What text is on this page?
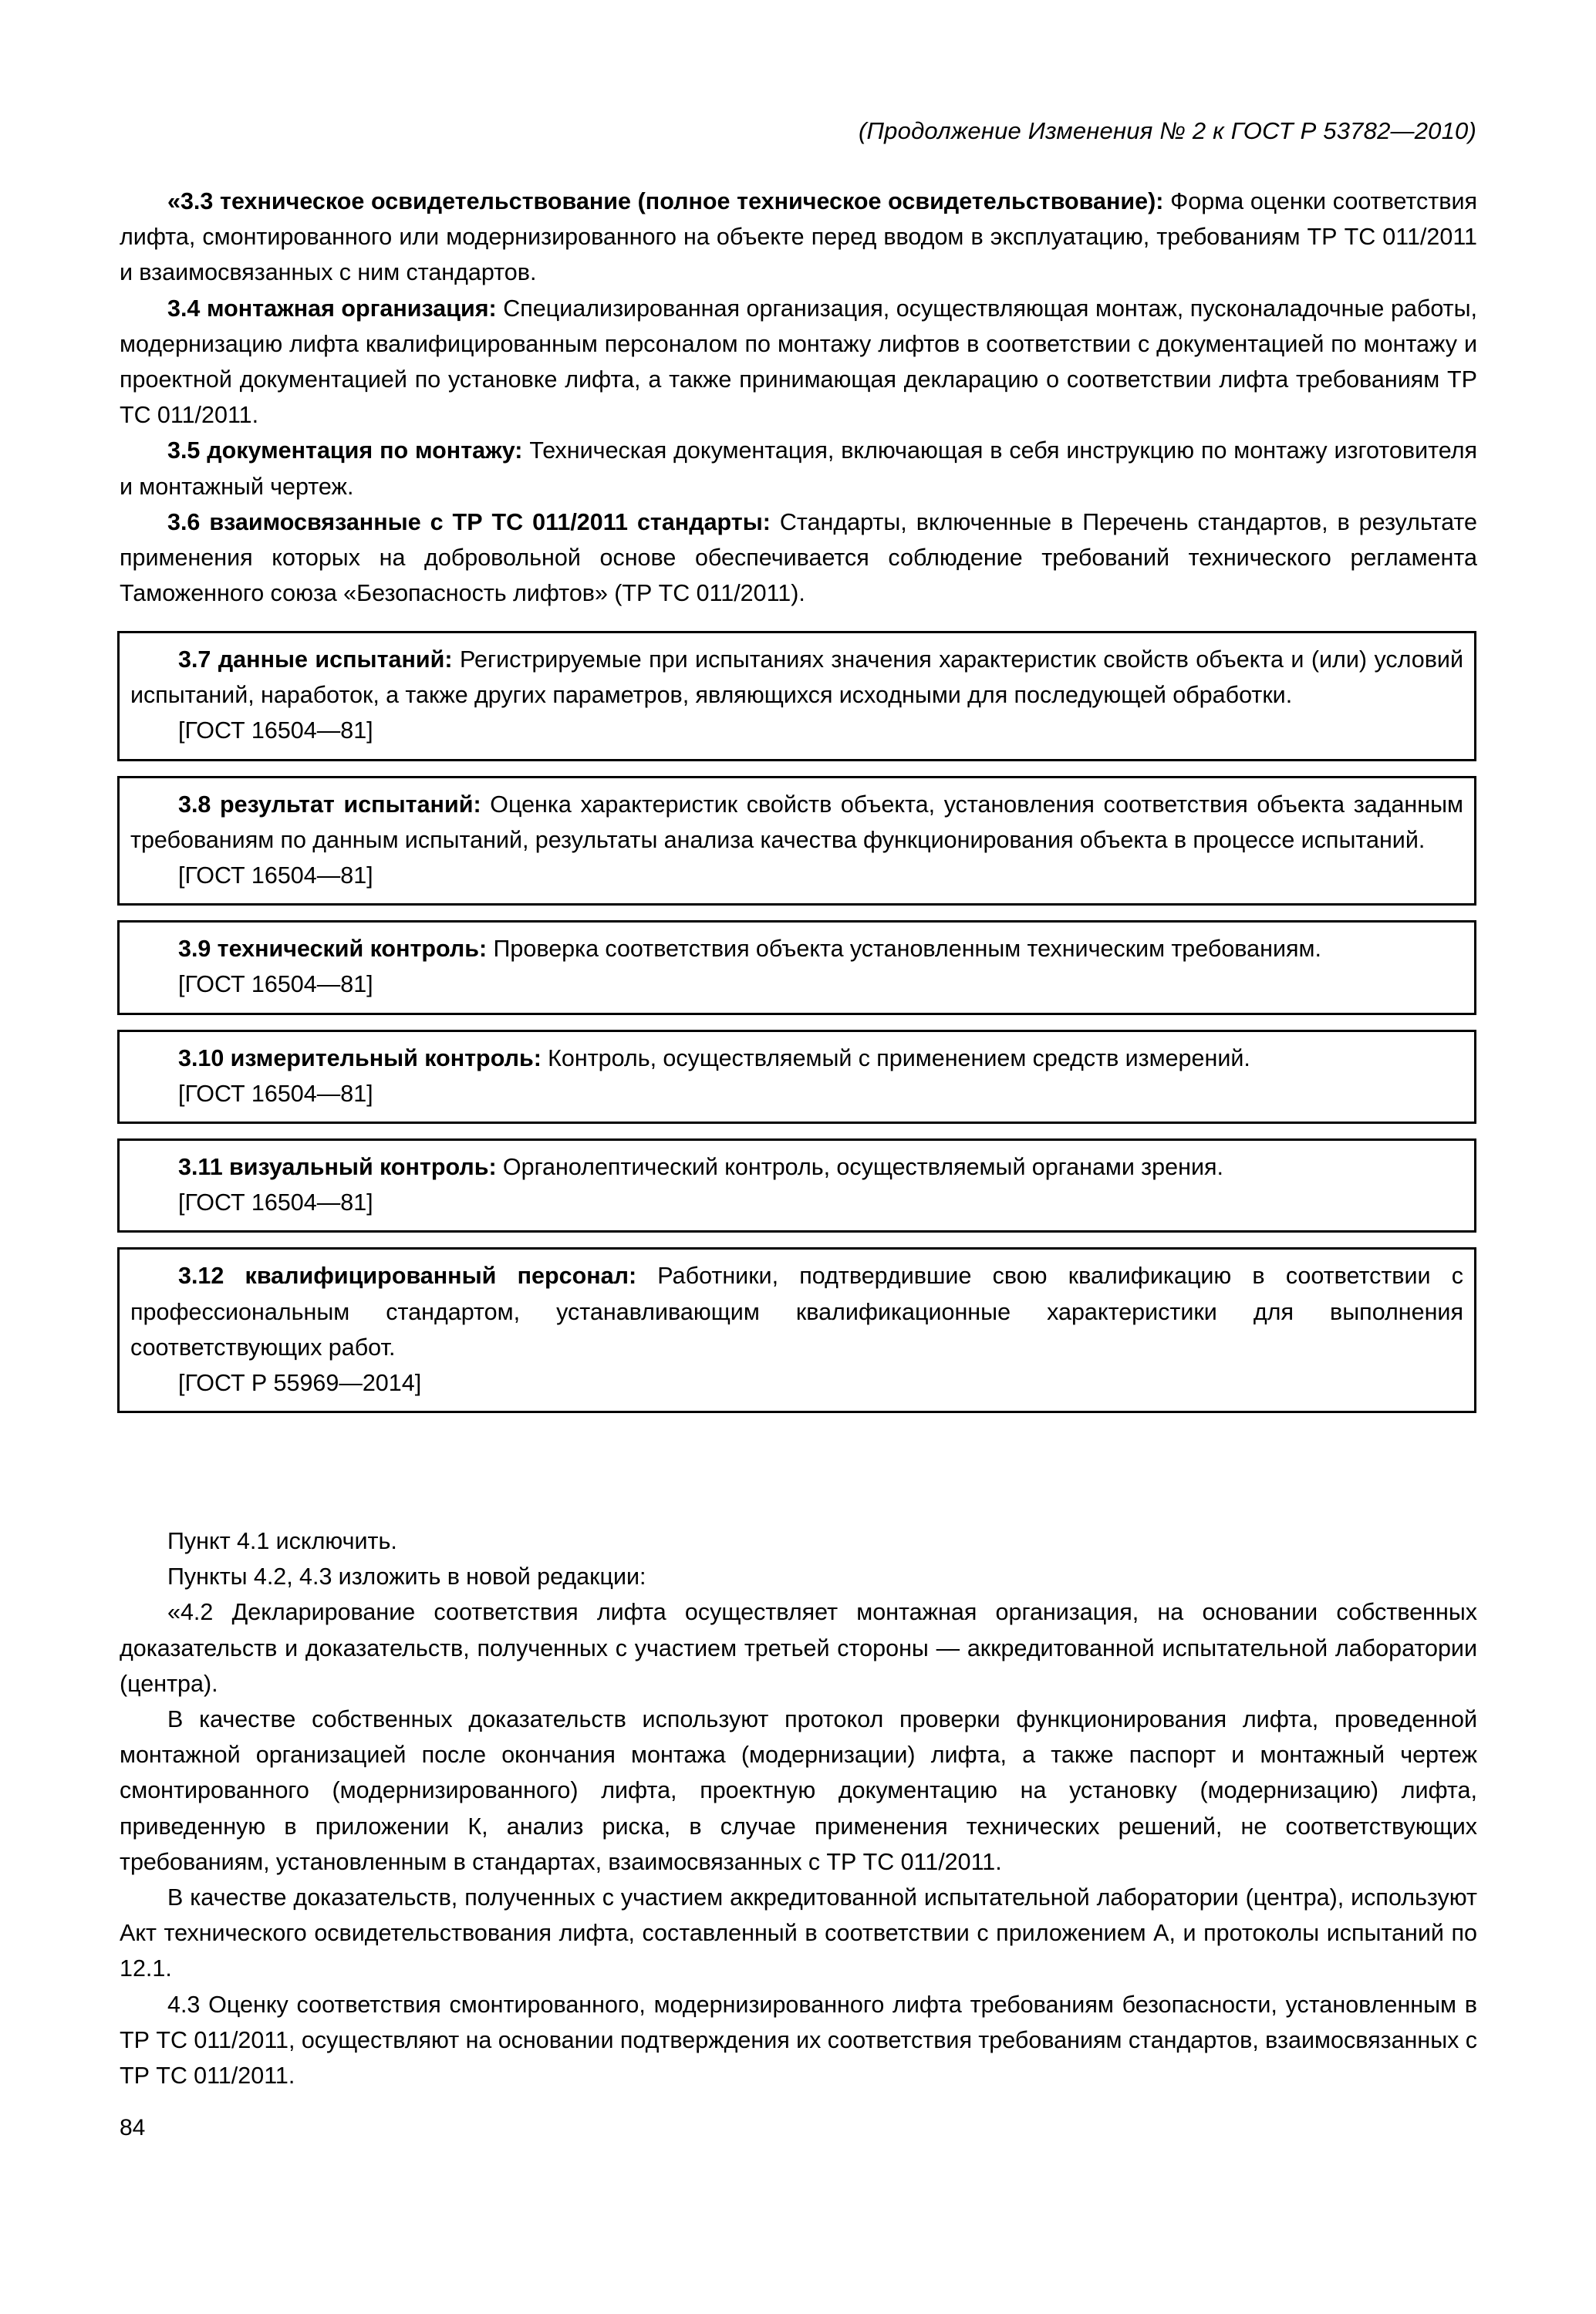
(Продолжение Изменения № 2 к ГОСТ Р 53782—2010)

«3.3 техническое освидетельствование (полное техническое освидетельствование): Форма оценки соответствия лифта, смонтированного или модернизированного на объекте перед вводом в эксплуатацию, требованиям ТР ТС 011/2011 и взаимосвязанных с ним стандартов.

3.4 монтажная организация: Специализированная организация, осуществляющая монтаж, пусконаладочные работы, модернизацию лифта квалифицированным персоналом по монтажу лифтов в соответствии с документацией по монтажу и проектной документацией по установке лифта, а также принимающая декларацию о соответствии лифта требованиям ТР ТС 011/2011.

3.5 документация по монтажу: Техническая документация, включающая в себя инструкцию по монтажу изготовителя и монтажный чертеж.

3.6 взаимосвязанные с ТР ТС 011/2011 стандарты: Стандарты, включенные в Перечень стандартов, в результате применения которых на добровольной основе обеспечивается соблюдение требований технического регламента Таможенного союза «Безопасность лифтов» (ТР ТС 011/2011).

3.7 данные испытаний: Регистрируемые при испытаниях значения характеристик свойств объекта и (или) условий испытаний, наработок, а также других параметров, являющихся исходными для последующей обработки.

[ГОСТ 16504—81]

3.8 результат испытаний: Оценка характеристик свойств объекта, установления соответствия объекта заданным требованиям по данным испытаний, результаты анализа качества функционирования объекта в процессе испытаний.

[ГОСТ 16504—81]

3.9 технический контроль: Проверка соответствия объекта установленным техническим требованиям.

[ГОСТ 16504—81]

3.10 измерительный контроль: Контроль, осуществляемый с применением средств измерений.

[ГОСТ 16504—81]

3.11 визуальный контроль: Органолептический контроль, осуществляемый органами зрения.

[ГОСТ 16504—81]

3.12 квалифицированный персонал: Работники, подтвердившие свою квалификацию в соответствии с профессиональным стандартом, устанавливающим квалификационные характеристики для выполнения соответствующих работ.

[ГОСТ Р 55969—2014]

Пункт 4.1 исключить.

Пункты 4.2, 4.3 изложить в новой редакции:

«4.2 Декларирование соответствия лифта осуществляет монтажная организация, на основании собственных доказательств и доказательств, полученных с участием третьей стороны — аккредитованной испытательной лаборатории (центра).

В качестве собственных доказательств используют протокол проверки функционирования лифта, проведенной монтажной организацией после окончания монтажа (модернизации) лифта, а также паспорт и монтажный чертеж смонтированного (модернизированного) лифта, проектную документацию на установку (модернизацию) лифта, приведенную в приложении К, анализ риска, в случае применения технических решений, не соответствующих требованиям, установленным в стандартах, взаимосвязанных с ТР ТС 011/2011.

В качестве доказательств, полученных с участием аккредитованной испытательной лаборатории (центра), используют Акт технического освидетельствования лифта, составленный в соответствии с приложением А, и протоколы испытаний по 12.1.

4.3 Оценку соответствия смонтированного, модернизированного лифта требованиям безопасности, установленным в ТР ТС 011/2011, осуществляют на основании подтверждения их соответствия требованиям стандартов, взаимосвязанных с ТР ТС 011/2011.

84
